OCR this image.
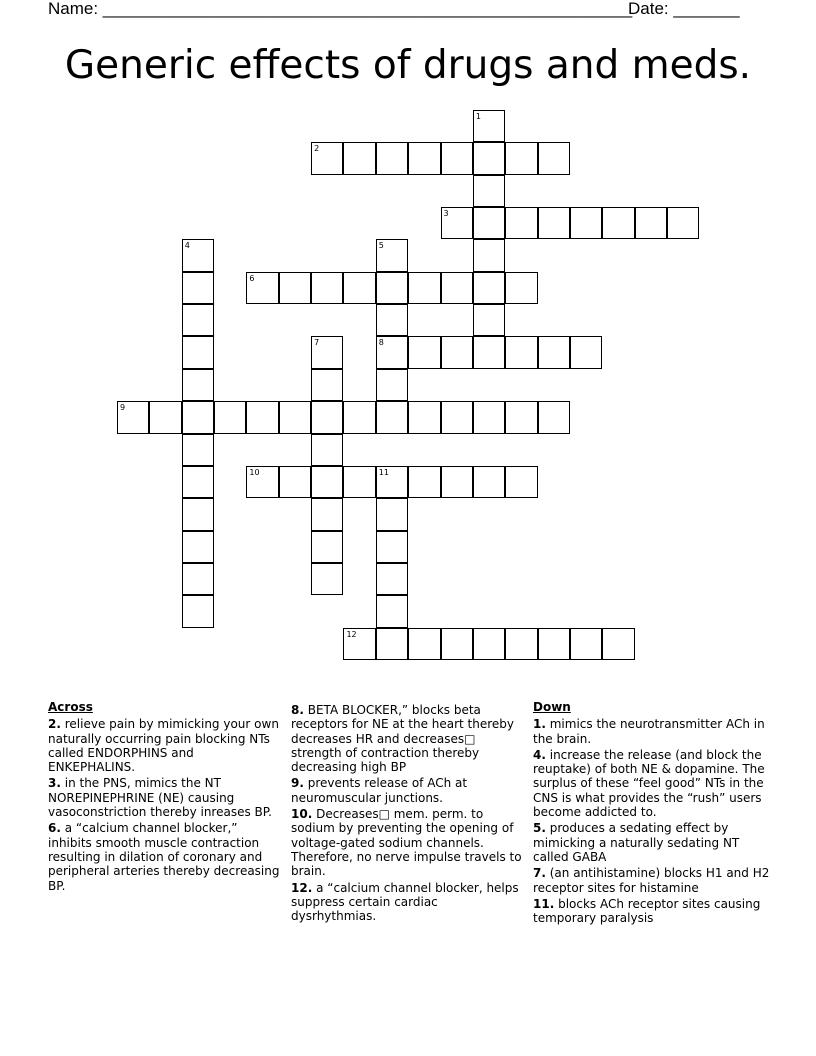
Name: ________________________________________________________
Date: _______
Generic effects of drugs and meds.
1
2
3
4	5
8
6
7
9
10	11
12
Across
2. relieve pain by mimicking your own naturally occurring pain blocking NTs called ENDORPHINS and ENKEPHALINS.
3. in the PNS, mimics the NT NOREPINEPHRINE (NE) causing vasoconstriction thereby inreases BP.
6. a “calcium channel blocker,” inhibits smooth muscle contraction resulting in dilation of coronary and peripheral arteries thereby decreasing BP.
8. BETA BLOCKER,” blocks beta receptors for NE at the heart thereby decreases HR and decreases□ strength of contraction thereby decreasing high BP
9. prevents release of ACh at neuromuscular junctions.
10. Decreases□ mem. perm. to sodium by preventing the opening of voltage-gated sodium channels. Therefore, no nerve impulse travels to brain.
12. a “calcium channel blocker, helps suppress certain cardiac dysrhythmias.
Down
1. mimics the neurotransmitter ACh in the brain.
4. increase the release (and block the reuptake) of both NE & dopamine. The surplus of these “feel good” NTs in the CNS is what provides the “rush” users become addicted to.
5. produces a sedating effect by mimicking a naturally sedating NT called GABA
7. (an antihistamine) blocks H1 and H2 receptor sites for histamine
11. blocks ACh receptor sites causing temporary paralysis
